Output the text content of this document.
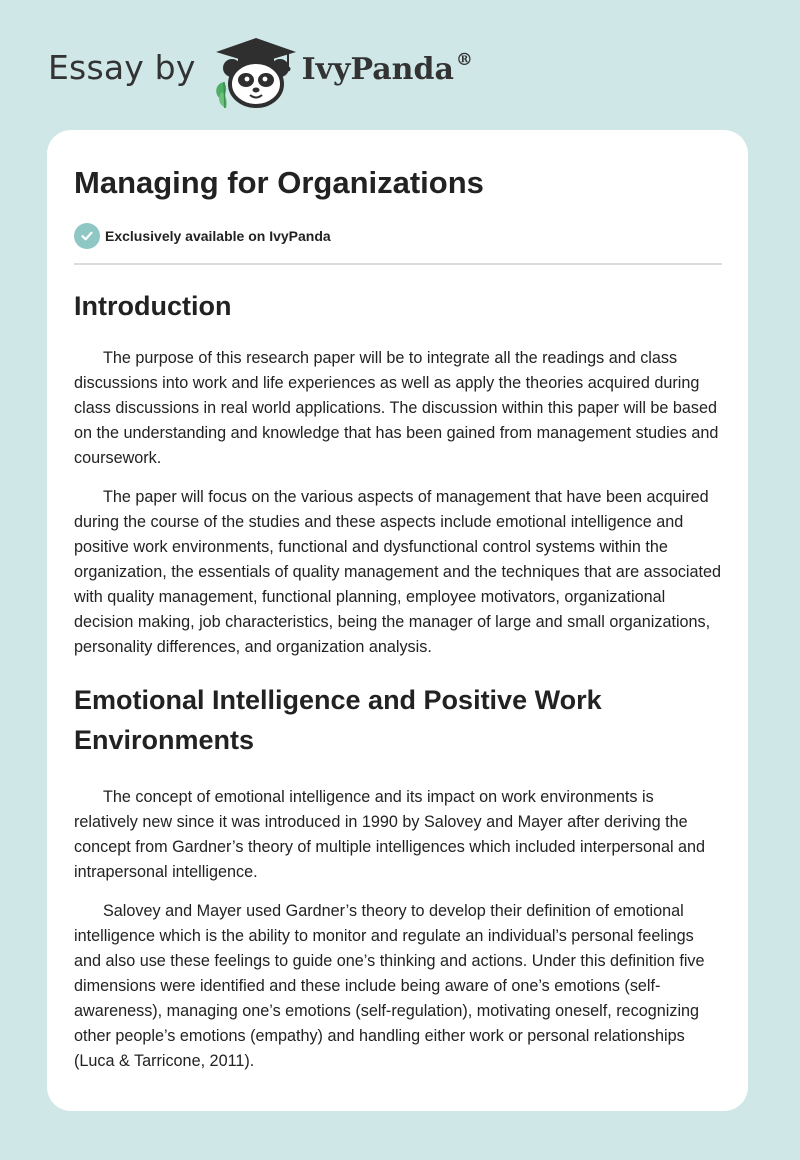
Essay by	IvyPanda ®
Managing for Organizations
Exclusively available on IvyPanda
Introduction

The purpose of this research paper will be to integrate all the readings and class discussions into work and life experiences as well as apply the theories acquired during class discussions in real world applications. The discussion within this paper will be based on the understanding and knowledge that has been gained from management studies and coursework.

The paper will focus on the various aspects of management that have been acquired during the course of the studies and these aspects include emotional intelligence and positive work environments, functional and dysfunctional control systems within the organization, the essentials of quality management and the techniques that are associated with quality management, functional planning, employee motivators, organizational decision making, job characteristics, being the manager of large and small organizations, personality differences, and organization analysis.

Emotional Intelligence and Positive Work Environments

The concept of emotional intelligence and its impact on work environments is relatively new since it was introduced in 1990 by Salovey and Mayer after deriving the concept from Gardner’s theory of multiple intelligences which included interpersonal and intrapersonal intelligence.

Salovey and Mayer used Gardner’s theory to develop their definition of emotional intelligence which is the ability to monitor and regulate an individual’s personal feelings and also use these feelings to guide one’s thinking and actions. Under this definition five dimensions were identified and these include being aware of one’s emotions (self-awareness), managing one’s emotions (self-regulation), motivating oneself, recognizing other people’s emotions (empathy) and handling either work or personal relationships (Luca & Tarricone, 2011).
